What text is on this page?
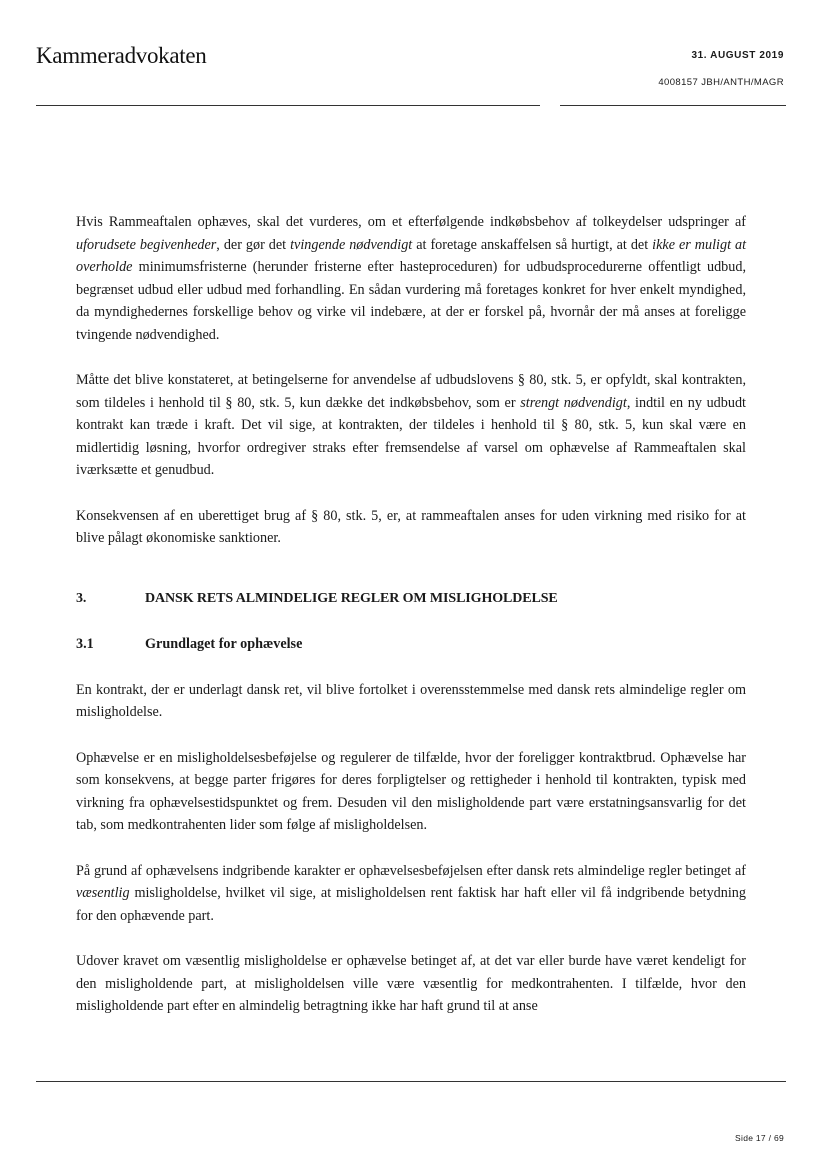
Kammeradvokaten	31. AUGUST 2019
4008157 JBH/ANTH/MAGR

Hvis Rammeaftalen ophæves, skal det vurderes, om et efterfølgende indkøbsbehov af tolkeydelser udspringer af uforudsete begivenheder, der gør det tvingende nødvendigt at foretage anskaffelsen så hurtigt, at det ikke er muligt at overholde minimumsfristerne (herunder fristerne efter hasteproceduren) for udbudsprocedurerne offentligt udbud, begrænset udbud eller udbud med forhandling. En sådan vurdering må foretages konkret for hver enkelt myndighed, da myndighedernes forskellige behov og virke vil indebære, at der er forskel på, hvornår der må anses at foreligge tvingende nødvendighed.

Måtte det blive konstateret, at betingelserne for anvendelse af udbudslovens § 80, stk. 5, er opfyldt, skal kontrakten, som tildeles i henhold til § 80, stk. 5, kun dække det indkøbsbehov, som er strengt nødvendigt, indtil en ny udbudt kontrakt kan træde i kraft. Det vil sige, at kontrakten, der tildeles i henhold til § 80, stk. 5, kun skal være en midlertidig løsning, hvorfor ordregiver straks efter fremsendelse af varsel om ophævelse af Rammeaftalen skal iværksætte et genudbud.

Konsekvensen af en uberettiget brug af § 80, stk. 5, er, at rammeaftalen anses for uden virkning med risiko for at blive pålagt økonomiske sanktioner.

3.	DANSK RETS ALMINDELIGE REGLER OM MISLIGHOLDELSE
3.1	Grundlaget for ophævelse

En kontrakt, der er underlagt dansk ret, vil blive fortolket i overensstemmelse med dansk rets almindelige regler om misligholdelse.

Ophævelse er en misligholdelsesbeføjelse og regulerer de tilfælde, hvor der foreligger kontraktbrud. Ophævelse har som konsekvens, at begge parter frigøres for deres forpligtelser og rettigheder i henhold til kontrakten, typisk med virkning fra ophævelsestidspunktet og frem. Desuden vil den misligholdende part være erstatningsansvarlig for det tab, som medkontrahenten lider som følge af misligholdelsen.

På grund af ophævelsens indgribende karakter er ophævelsesbeføjelsen efter dansk rets almindelige regler betinget af væsentlig misligholdelse, hvilket vil sige, at misligholdelsen rent faktisk har haft eller vil få indgribende betydning for den ophævende part.

Udover kravet om væsentlig misligholdelse er ophævelse betinget af, at det var eller burde have været kendeligt for den misligholdende part, at misligholdelsen ville være væsentlig for medkontrahenten. I tilfælde, hvor den misligholdende part efter en almindelig betragtning ikke har haft grund til at anse

Side 17 / 69
